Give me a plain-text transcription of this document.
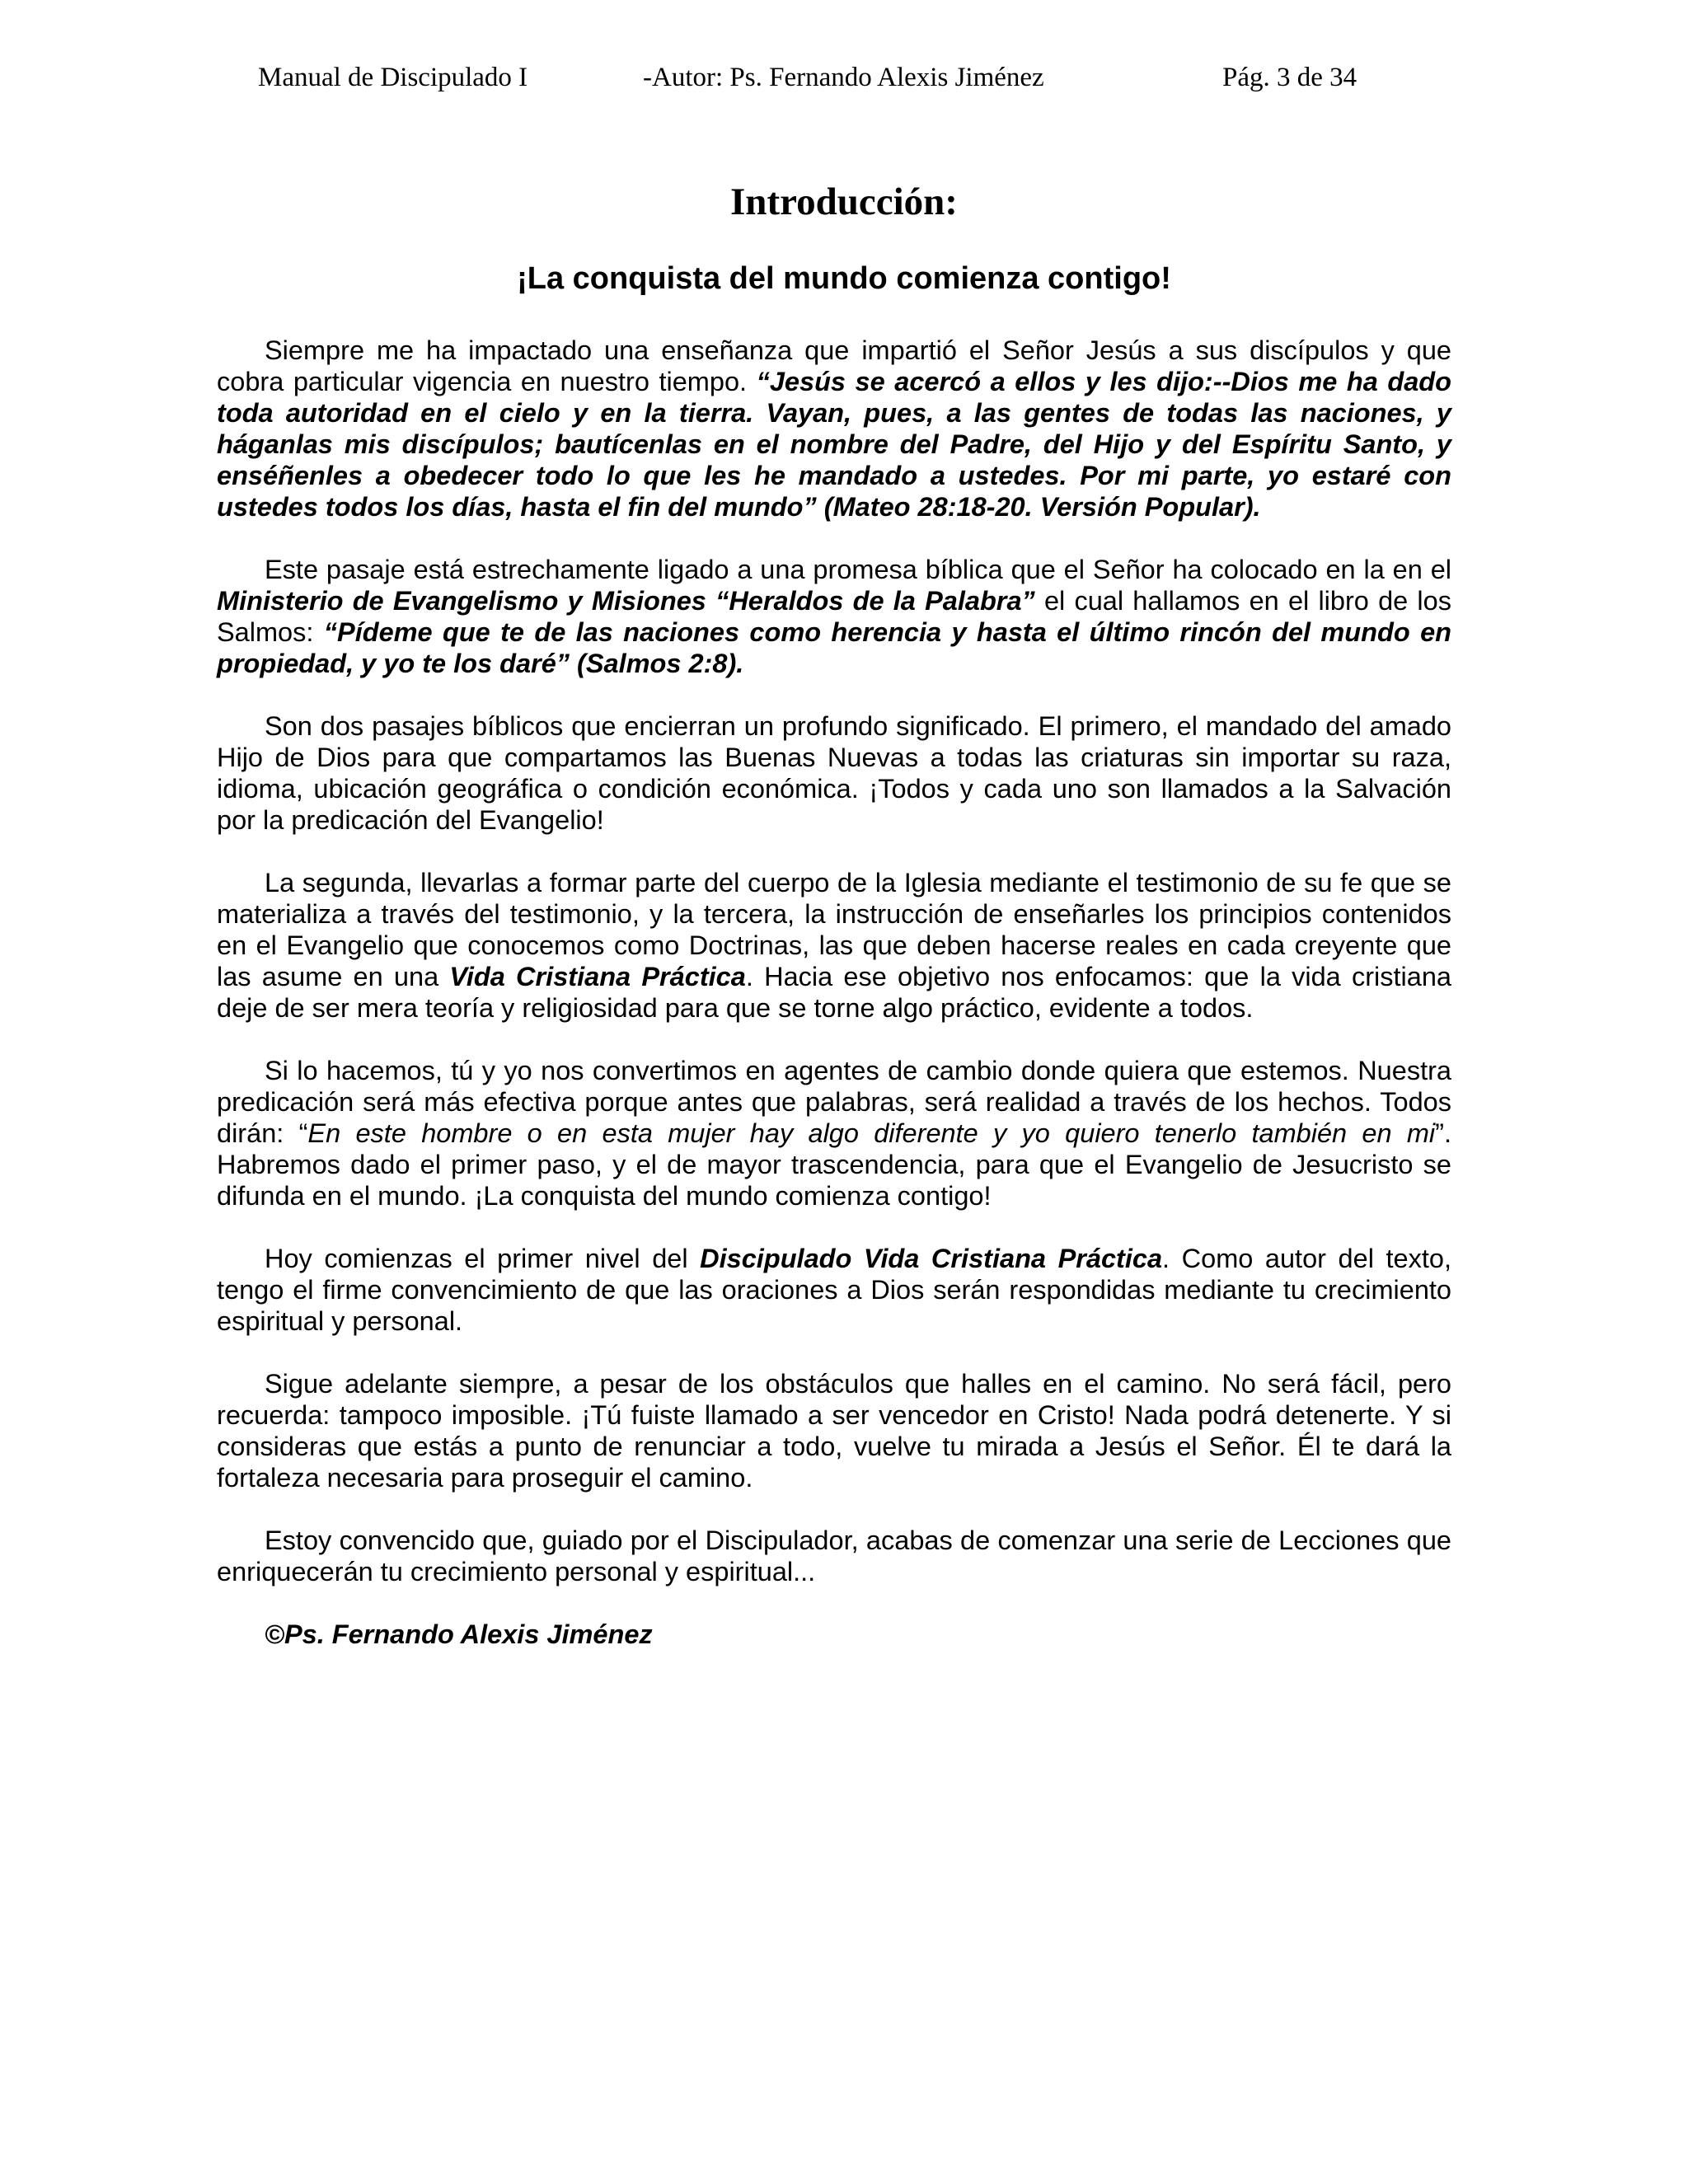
Manual de Discipulado I	-Autor: Ps. Fernando Alexis Jiménez	Pág. 3 de 34
Introducción:
¡La conquista del mundo comienza contigo!

Siempre me ha impactado una enseñanza que impartió el Señor Jesús a sus discípulos y que cobra particular vigencia en nuestro tiempo. “Jesús se acercó a ellos y les dijo:--Dios me ha dado toda autoridad en el cielo y en la tierra. Vayan, pues, a las gentes de todas las naciones, y háganlas mis discípulos; bautícenlas en el nombre del Padre, del Hijo y del Espíritu Santo, y enséñenles a obedecer todo lo que les he mandado a ustedes. Por mi parte, yo estaré con ustedes todos los días, hasta el fin del mundo” (Mateo 28:18-20. Versión Popular).

Este pasaje está estrechamente ligado a una promesa bíblica que el Señor ha colocado en la en el Ministerio de Evangelismo y Misiones “Heraldos de la Palabra” el cual hallamos en el libro de los Salmos: “Pídeme que te de las naciones como herencia y hasta el último rincón del mundo en propiedad, y yo te los daré” (Salmos 2:8).

Son dos pasajes bíblicos que encierran un profundo significado. El primero, el mandado del amado Hijo de Dios para que compartamos las Buenas Nuevas a todas las criaturas sin importar su raza, idioma, ubicación geográfica o condición económica. ¡Todos y cada uno son llamados a la Salvación por la predicación del Evangelio!

La segunda, llevarlas a formar parte del cuerpo de la Iglesia mediante el testimonio de su fe que se materializa a través del testimonio, y la tercera, la instrucción de enseñarles los principios contenidos en el Evangelio que conocemos como Doctrinas, las que deben hacerse reales en cada creyente que las asume en una Vida Cristiana Práctica. Hacia ese objetivo nos enfocamos: que la vida cristiana deje de ser mera teoría y religiosidad para que se torne algo práctico, evidente a todos.

Si lo hacemos, tú y yo nos convertimos en agentes de cambio donde quiera que estemos. Nuestra predicación será más efectiva porque antes que palabras, será realidad a través de los hechos. Todos dirán: “En este hombre o en esta mujer hay algo diferente y yo quiero tenerlo también en mi”. Habremos dado el primer paso, y el de mayor trascendencia, para que el Evangelio de Jesucristo se difunda en el mundo. ¡La conquista del mundo comienza contigo!

Hoy comienzas el primer nivel del Discipulado Vida Cristiana Práctica. Como autor del texto, tengo el firme convencimiento de que las oraciones a Dios serán respondidas mediante tu crecimiento espiritual y personal.

Sigue adelante siempre, a pesar de los obstáculos que halles en el camino. No será fácil, pero recuerda: tampoco imposible. ¡Tú fuiste llamado a ser vencedor en Cristo! Nada podrá detenerte. Y si consideras que estás a punto de renunciar a todo, vuelve tu mirada a Jesús el Señor. Él te dará la fortaleza necesaria para proseguir el camino.

Estoy convencido que, guiado por el Discipulador, acabas de comenzar una serie de Lecciones que enriquecerán tu crecimiento personal y espiritual...

©Ps. Fernando Alexis Jiménez
